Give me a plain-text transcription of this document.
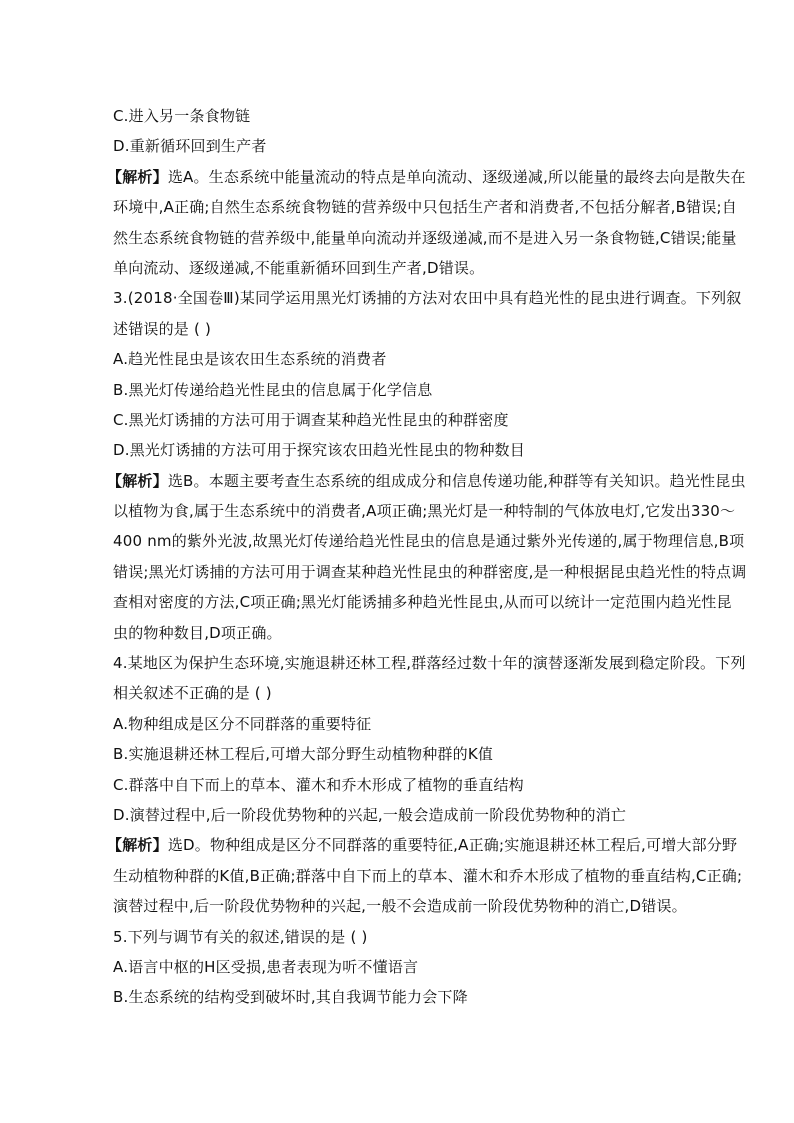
C.进入另一条食物链
D.重新循环回到生产者
【解析】选A。生态系统中能量流动的特点是单向流动、逐级递减,所以能量的最终去向是散失在
环境中,A正确;自然生态系统食物链的营养级中只包括生产者和消费者,不包括分解者,B错误;自
然生态系统食物链的营养级中,能量单向流动并逐级递减,而不是进入另一条食物链,C错误;能量
单向流动、逐级递减,不能重新循环回到生产者,D错误。
3.(2018·全国卷Ⅲ)某同学运用黑光灯诱捕的方法对农田中具有趋光性的昆虫进行调查。下列叙
述错误的是 ( )
A.趋光性昆虫是该农田生态系统的消费者
B.黑光灯传递给趋光性昆虫的信息属于化学信息
C.黑光灯诱捕的方法可用于调查某种趋光性昆虫的种群密度
D.黑光灯诱捕的方法可用于探究该农田趋光性昆虫的物种数目
【解析】选B。本题主要考查生态系统的组成成分和信息传递功能,种群等有关知识。趋光性昆虫
以植物为食,属于生态系统中的消费者,A项正确;黑光灯是一种特制的气体放电灯,它发出330～
400 nm的紫外光波,故黑光灯传递给趋光性昆虫的信息是通过紫外光传递的,属于物理信息,B项
错误;黑光灯诱捕的方法可用于调查某种趋光性昆虫的种群密度,是一种根据昆虫趋光性的特点调
查相对密度的方法,C项正确;黑光灯能诱捕多种趋光性昆虫,从而可以统计一定范围内趋光性昆
虫的物种数目,D项正确。
4.某地区为保护生态环境,实施退耕还林工程,群落经过数十年的演替逐渐发展到稳定阶段。下列
相关叙述不正确的是 ( )
A.物种组成是区分不同群落的重要特征
B.实施退耕还林工程后,可增大部分野生动植物种群的K值
C.群落中自下而上的草本、灌木和乔木形成了植物的垂直结构
D.演替过程中,后一阶段优势物种的兴起,一般会造成前一阶段优势物种的消亡
【解析】选D。物种组成是区分不同群落的重要特征,A正确;实施退耕还林工程后,可增大部分野
生动植物种群的K值,B正确;群落中自下而上的草本、灌木和乔木形成了植物的垂直结构,C正确;
演替过程中,后一阶段优势物种的兴起,一般不会造成前一阶段优势物种的消亡,D错误。
5.下列与调节有关的叙述,错误的是 ( )
A.语言中枢的H区受损,患者表现为听不懂语言
B.生态系统的结构受到破坏时,其自我调节能力会下降
